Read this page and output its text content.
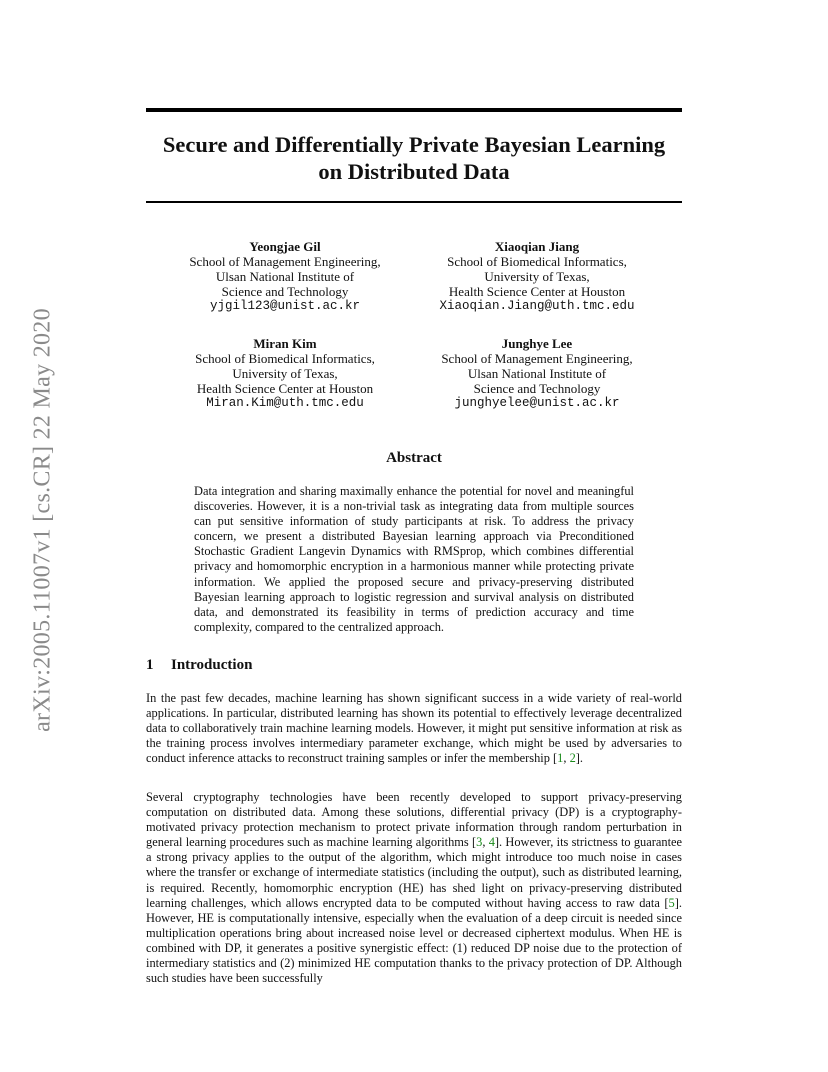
arXiv:2005.11007v1 [cs.CR] 22 May 2020
Secure and Differentially Private Bayesian Learning
on Distributed Data
Yeongjae Gil
School of Management Engineering,
Ulsan National Institute of
Science and Technology
yjgil123@unist.ac.kr
Xiaoqian Jiang
School of Biomedical Informatics,
University of Texas,
Health Science Center at Houston
Xiaoqian.Jiang@uth.tmc.edu
Miran Kim
School of Biomedical Informatics,
University of Texas,
Health Science Center at Houston
Miran.Kim@uth.tmc.edu
Junghye Lee
School of Management Engineering,
Ulsan National Institute of
Science and Technology
junghyelee@unist.ac.kr
Abstract
Data integration and sharing maximally enhance the potential for novel and meaningful discoveries. However, it is a non-trivial task as integrating data from multiple sources can put sensitive information of study participants at risk. To address the privacy concern, we present a distributed Bayesian learning approach via Preconditioned Stochastic Gradient Langevin Dynamics with RMSprop, which combines differential privacy and homomorphic encryption in a harmonious manner while protecting private information. We applied the proposed secure and privacy-preserving distributed Bayesian learning approach to logistic regression and survival analysis on distributed data, and demonstrated its feasibility in terms of prediction accuracy and time complexity, compared to the centralized approach.
1 Introduction

In the past few decades, machine learning has shown significant success in a wide variety of real-world applications. In particular, distributed learning has shown its potential to effectively leverage decentralized data to collaboratively train machine learning models. However, it might put sensitive information at risk as the training process involves intermediary parameter exchange, which might be used by adversaries to conduct inference attacks to reconstruct training samples or infer the membership [1, 2].

Several cryptography technologies have been recently developed to support privacy-preserving computation on distributed data. Among these solutions, differential privacy (DP) is a cryptography-motivated privacy protection mechanism to protect private information through random perturbation in general learning procedures such as machine learning algorithms [3, 4]. However, its strictness to guarantee a strong privacy applies to the output of the algorithm, which might introduce too much noise in cases where the transfer or exchange of intermediate statistics (including the output), such as distributed learning, is required. Recently, homomorphic encryption (HE) has shed light on privacy-preserving distributed learning challenges, which allows encrypted data to be computed without having access to raw data [5]. However, HE is computationally intensive, especially when the evaluation of a deep circuit is needed since multiplication operations bring about increased noise level or decreased ciphertext modulus. When HE is combined with DP, it generates a positive synergistic effect: (1) reduced DP noise due to the protection of intermediary statistics and (2) minimized HE computation thanks to the privacy protection of DP. Although such studies have been successfully
